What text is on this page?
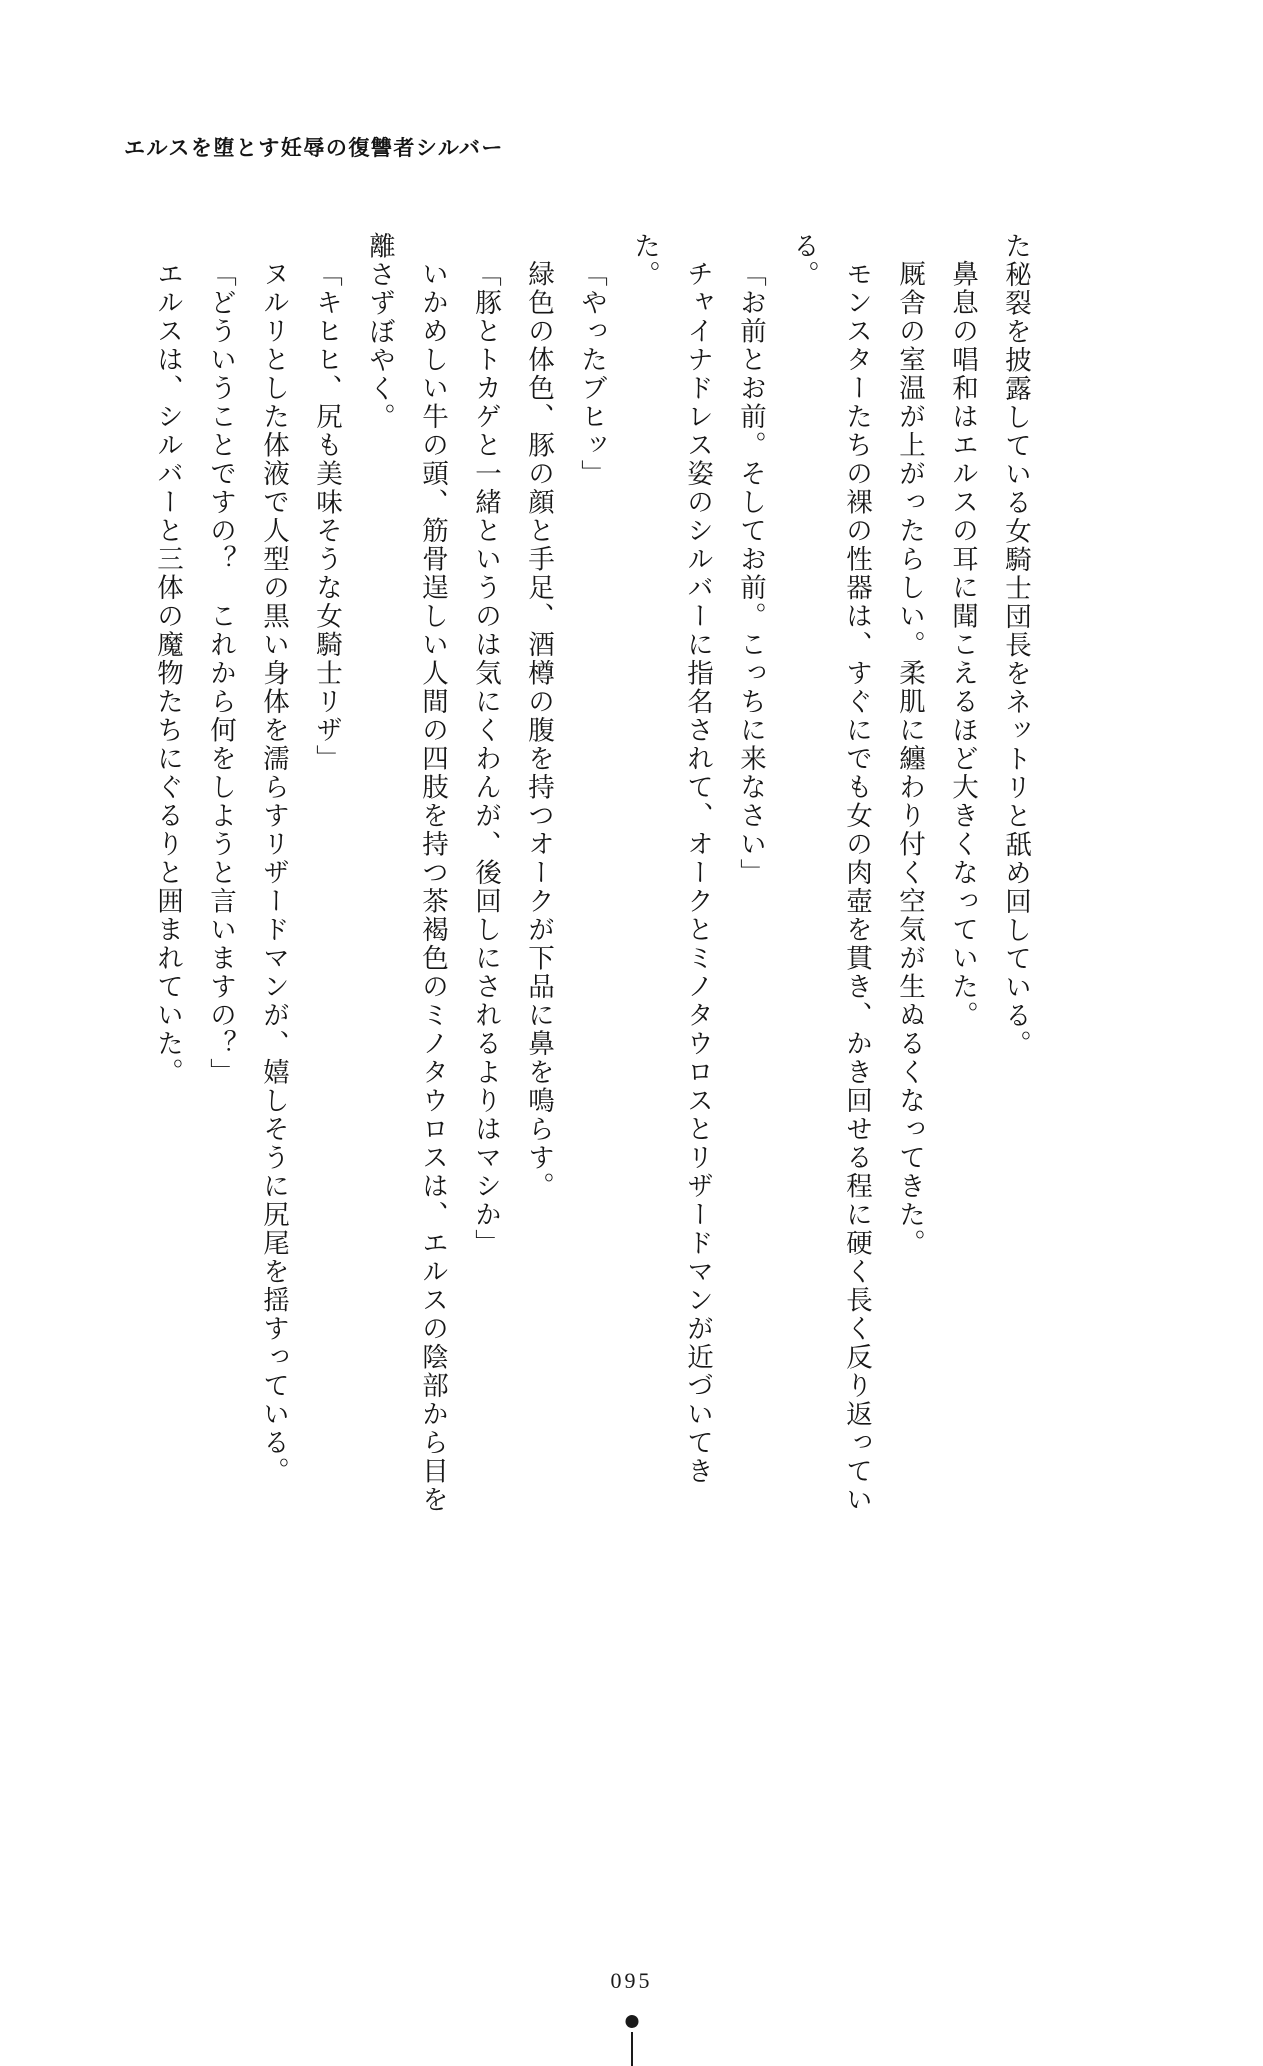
エルスを堕とす妊辱の復讐者シルバー

た秘裂を披露している女騎士団長をネットリと舐め回している。

鼻息の唱和はエルスの耳に聞こえるほど大きくなっていた。

厩舎の室温が上がったらしい。柔肌に纏わり付く空気が生ぬるくなってきた。

モンスターたちの裸の性器は、すぐにでも女の肉壺を貫き、かき回せる程に硬く長く反り返っている。

「お前とお前。そしてお前。こっちに来なさい」

チャイナドレス姿のシルバーに指名されて、オークとミノタウロスとリザードマンが近づいてきた。

「やったブヒッ」

緑色の体色、豚の顔と手足、酒樽の腹を持つオークが下品に鼻を鳴らす。

「豚とトカゲと一緒というのは気にくわんが、後回しにされるよりはマシか」

いかめしい牛の頭、筋骨逞しい人間の四肢を持つ茶褐色のミノタウロスは、エルスの陰部から目を離さずぼやく。

「キヒヒ、尻も美味そうな女騎士リザ」

ヌルリとした体液で人型の黒い身体を濡らすリザードマンが、嬉しそうに尻尾を揺すっている。

「どういうことですの？　これから何をしようと言いますの？」

エルスは、シルバーと三体の魔物たちにぐるりと囲まれていた。

095
